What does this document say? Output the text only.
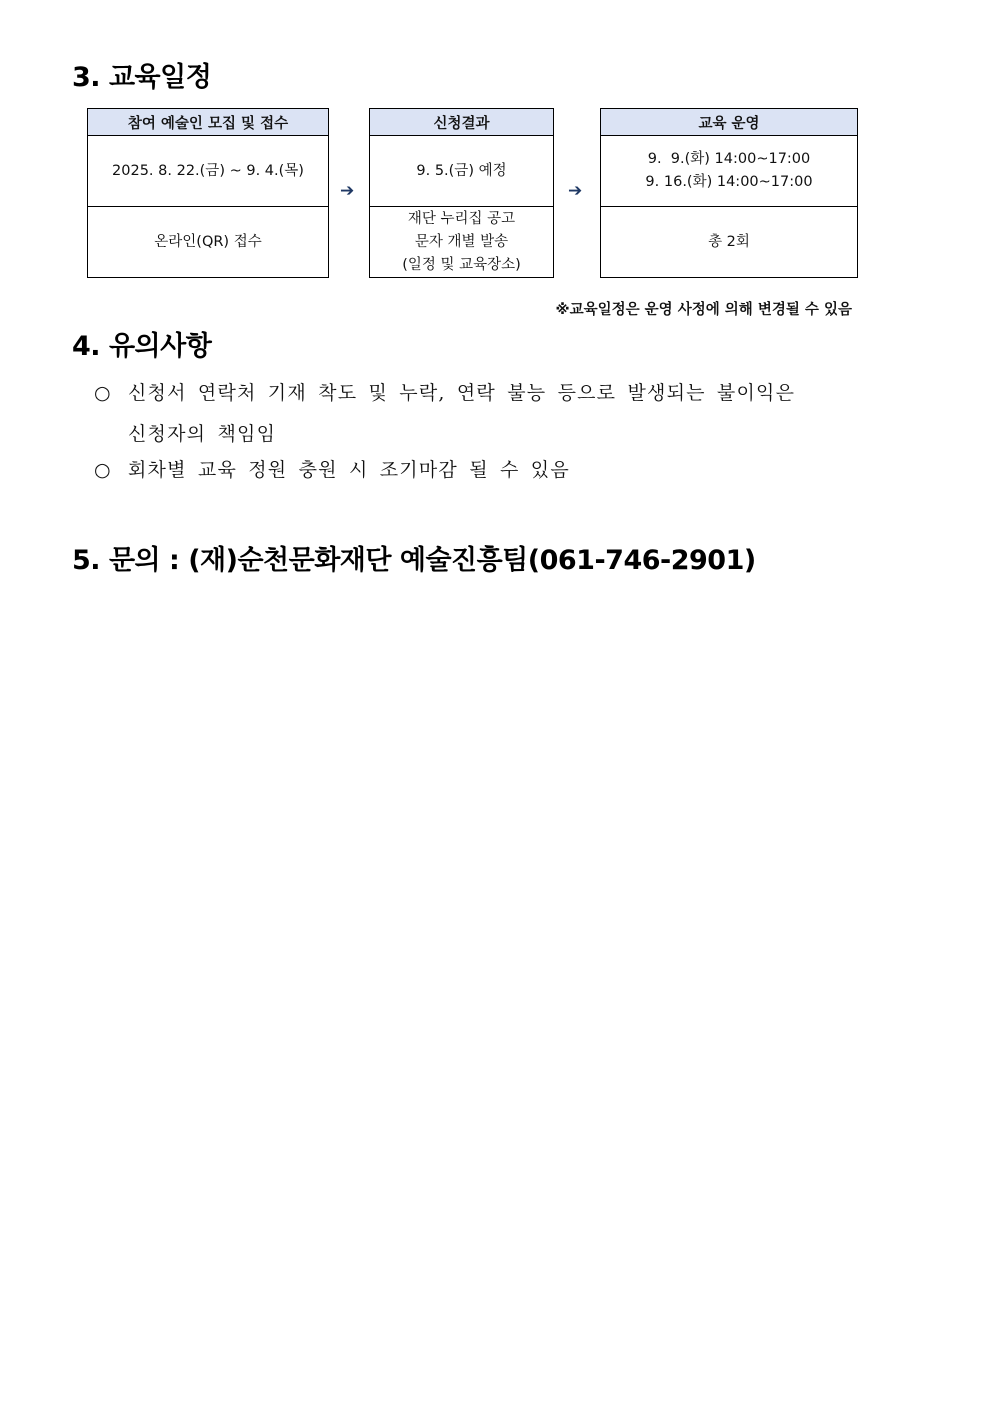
3. 교육일정
참여 예술인 모집 및 접수
2025. 8. 22.(금) ~ 9. 4.(목)
온라인(QR) 접수
➔
신청결과
9. 5.(금) 예정
재단 누리집 공고
문자 개별 발송
(일정 및 교육장소)
➔
교육 운영
9.  9.(화) 14:00~17:00
9. 16.(화) 14:00~17:00
총 2회
※교육일정은 운영 사정에 의해 변경될 수 있음
4. 유의사항
○ 신청서 연락처 기재 착도 및 누락, 연락 불능 등으로 발생되는 불이익은
신청자의 책임임
○ 회차별 교육 정원 충원 시 조기마감 될 수 있음
5. 문의 : (재)순천문화재단 예술진흥팀(061-746-2901)
